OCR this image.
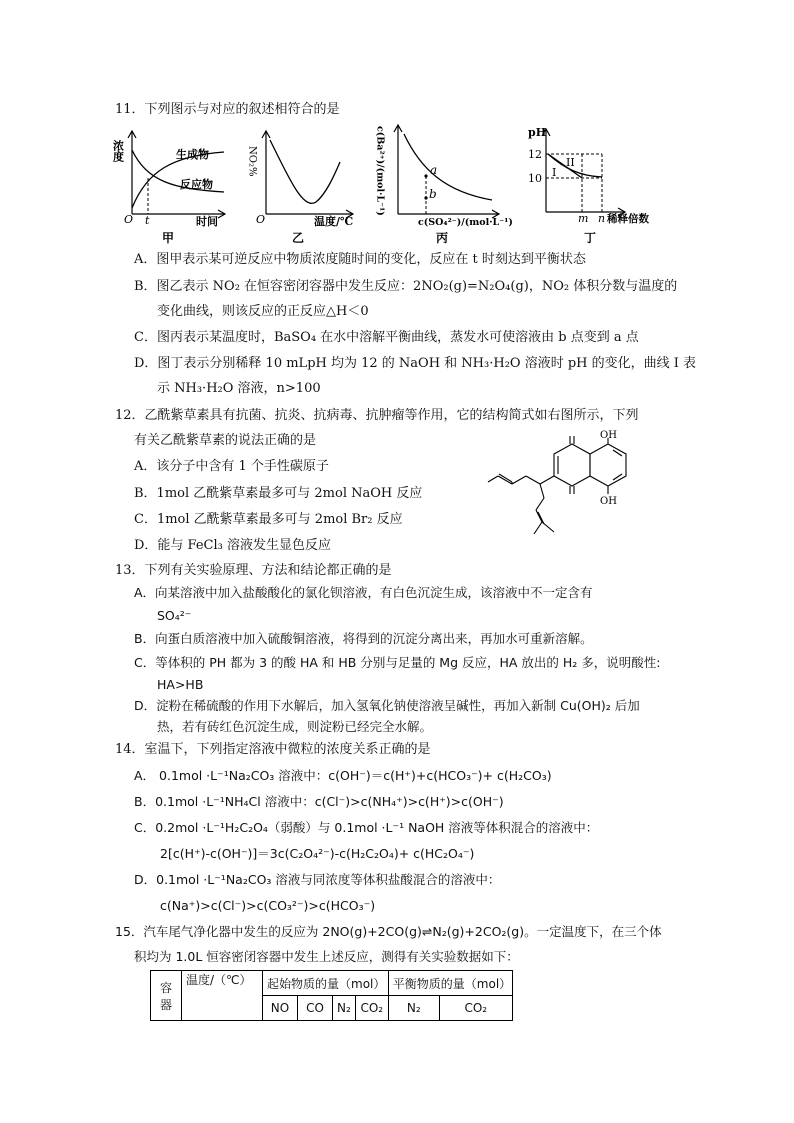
11．下列图示与对应的叙述相符合的是
浓度	生成物
反应物
O t	时间
甲
NO₂%
O	温度/℃
乙
c(Ba²⁺)/(mol·L⁻¹)	a
b
c(SO₄²⁻)/(mol·L⁻¹)
丙
pH
12
10
II
I
m n 稀释倍数
丁
A．图甲表示某可逆反应中物质浓度随时间的变化，反应在 t 时刻达到平衡状态
B．图乙表示 NO₂ 在恒容密闭容器中发生反应：2NO₂(g)=N₂O₄(g)，NO₂ 体积分数与温度的
变化曲线，则该反应的正反应△H＜0
C．图丙表示某温度时，BaSO₄ 在水中溶解平衡曲线，蒸发水可使溶液由 b 点变到 a 点
D．图丁表示分别稀释 10 mLpH 均为 12 的 NaOH 和 NH₃·H₂O 溶液时 pH 的变化，曲线 I 表
示 NH₃·H₂O 溶液，n>100
12．乙酰紫草素具有抗菌、抗炎、抗病毒、抗肿瘤等作用，它的结构简式如右图所示，下列
有关乙酰紫草素的说法正确的是
A．该分子中含有 1 个手性碳原子
B．1mol 乙酰紫草素最多可与 2mol NaOH 反应
C．1mol 乙酰紫草素最多可与 2mol Br₂ 反应
D．能与 FeCl₃ 溶液发生显色反应
OH
OH
13．下列有关实验原理、方法和结论都正确的是
A．向某溶液中加入盐酸酸化的氯化钡溶液，有白色沉淀生成，该溶液中不一定含有
SO₄²⁻
B．向蛋白质溶液中加入硫酸铜溶液，将得到的沉淀分离出来，再加水可重新溶解。
C．等体积的 PH 都为 3 的酸 HA 和 HB 分别与足量的 Mg 反应，HA 放出的 H₂ 多，说明酸性:
HA>HB
D．淀粉在稀硫酸的作用下水解后，加入氢氧化钠使溶液呈碱性，再加入新制 Cu(OH)₂ 后加
热，若有砖红色沉淀生成，则淀粉已经完全水解。
14．室温下，下列指定溶液中微粒的浓度关系正确的是
A． 0.1mol ·L⁻¹Na₂CO₃ 溶液中：c(OH⁻)＝c(H⁺)+c(HCO₃⁻)+ c(H₂CO₃)
B．0.1mol ·L⁻¹NH₄Cl 溶液中：c(Cl⁻)>c(NH₄⁺)>c(H⁺)>c(OH⁻)
C．0.2mol ·L⁻¹H₂C₂O₄（弱酸）与 0.1mol ·L⁻¹ NaOH 溶液等体积混合的溶液中：
2[c(H⁺)-c(OH⁻)]＝3c(C₂O₄²⁻)-c(H₂C₂O₄)+ c(HC₂O₄⁻)
D．0.1mol ·L⁻¹Na₂CO₃ 溶液与同浓度等体积盐酸混合的溶液中：
c(Na⁺)>c(Cl⁻)>c(CO₃²⁻)>c(HCO₃⁻)
15．汽车尾气净化器中发生的反应为 2NO(g)+2CO(g)⇌N₂(g)+2CO₂(g)。一定温度下，在三个体
积均为 1.0L 恒容密闭容器中发生上述反应，测得有关实验数据如下：
容器	温度/（℃）	起始物质的量（mol）				平衡物质的量（mol）	
		NO	CO	N₂	CO₂	N₂	CO₂
